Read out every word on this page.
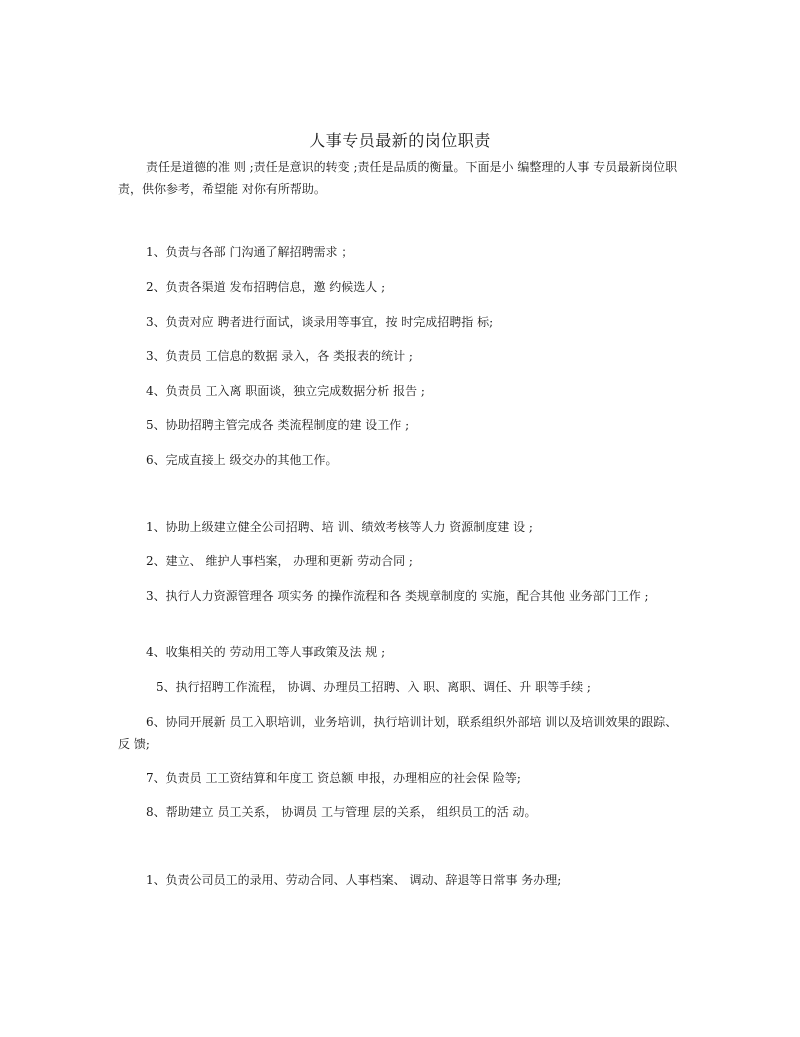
人事专员最新的岗位职责
责任是道德的准 则 ;责任是意识的转变 ;责任是品质的衡量。下面是小 编整理的人事 专员最新岗位职责，供你参考，希望能 对你有所帮助。
1、负责与各部 门沟通了解招聘需求 ；
2、负责各渠道 发布招聘信息，邀 约候选人 ;
3、负责对应 聘者进行面试，谈录用等事宜，按 时完成招聘指 标;
3、负责员 工信息的数据 录入，各 类报表的统计 ;
4、负责员 工入离 职面谈，独立完成数据分析 报告 ;
5、协助招聘主管完成各 类流程制度的建 设工作 ;
6、完成直接上 级交办的其他工作。
1、协助上级建立健全公司招聘、培 训、绩效考核等人力 资源制度建 设 ;
2、建立、 维护人事档案， 办理和更新 劳动合同 ;
3、执行人力资源管理各 项实务 的操作流程和各 类规章制度的 实施，配合其他 业务部门工作 ;
4、收集相关的 劳动用工等人事政策及法 规 ;
5、执行招聘工作流程， 协调、办理员工招聘、入 职、离职、调任、升 职等手续 ;
6、协同开展新 员工入职培训，业务培训，执行培训计划，联系组织外部培 训以及培训效果的跟踪、反 馈;
7、负责员 工工资结算和年度工 资总额 申报，办理相应的社会保 险等;
8、帮助建立 员工关系， 协调员 工与管理 层的关系， 组织员工的活 动。
1、负责公司员工的录用、劳动合同、人事档案、 调动、辞退等日常事 务办理;
